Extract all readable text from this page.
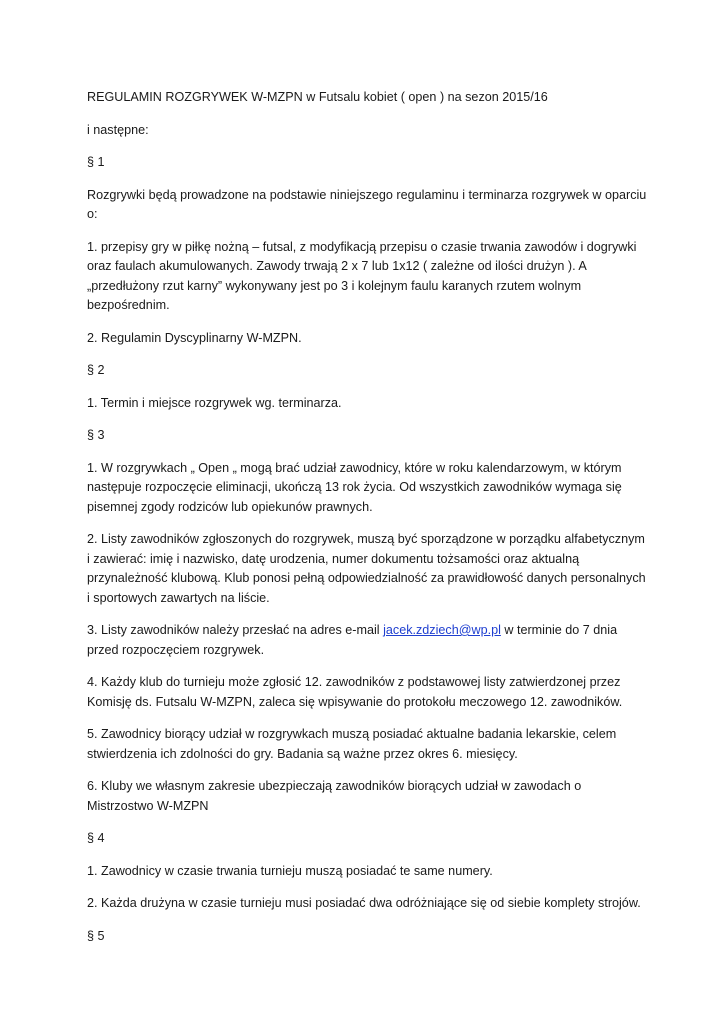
REGULAMIN ROZGRYWEK W-MZPN w Futsalu kobiet ( open ) na sezon 2015/16

i następne:

§ 1

Rozgrywki będą prowadzone na podstawie niniejszego regulaminu i terminarza rozgrywek w oparciu o:

1. przepisy gry w piłkę nożną – futsal, z modyfikacją przepisu o czasie trwania zawodów i dogrywki oraz faulach akumulowanych. Zawody trwają 2 x 7 lub 1x12 ( zależne od ilości drużyn ). A „przedłużony rzut karny” wykonywany jest po 3 i kolejnym faulu karanych rzutem wolnym bezpośrednim.

2. Regulamin Dyscyplinarny W-MZPN.

§ 2

1. Termin i miejsce rozgrywek wg. terminarza.

§ 3

1. W rozgrywkach „ Open „ mogą brać udział zawodnicy, które w roku kalendarzowym, w którym następuje rozpoczęcie eliminacji, ukończą 13 rok życia. Od wszystkich zawodników wymaga się pisemnej zgody rodziców lub opiekunów prawnych.

2. Listy zawodników zgłoszonych do rozgrywek, muszą być sporządzone w porządku alfabetycznym i zawierać: imię i nazwisko, datę urodzenia, numer dokumentu tożsamości oraz aktualną przynależność klubową. Klub ponosi pełną odpowiedzialność za prawidłowość danych personalnych i sportowych zawartych na liście.

3. Listy zawodników należy przesłać na adres e-mail jacek.zdziech@wp.pl w terminie do 7 dnia przed rozpoczęciem rozgrywek.

4. Każdy klub do turnieju może zgłosić 12. zawodników z podstawowej listy zatwierdzonej przez Komisję ds. Futsalu W-MZPN, zaleca się wpisywanie do protokołu meczowego 12. zawodników.

5. Zawodnicy biorący udział w rozgrywkach muszą posiadać aktualne badania lekarskie, celem stwierdzenia ich zdolności do gry. Badania są ważne przez okres 6. miesięcy.

6. Kluby we własnym zakresie ubezpieczają zawodników biorących udział w zawodach o Mistrzostwo W-MZPN

§ 4

1. Zawodnicy w czasie trwania turnieju muszą posiadać te same numery.

2. Każda drużyna w czasie turnieju musi posiadać dwa odróżniające się od siebie komplety strojów.

§ 5
